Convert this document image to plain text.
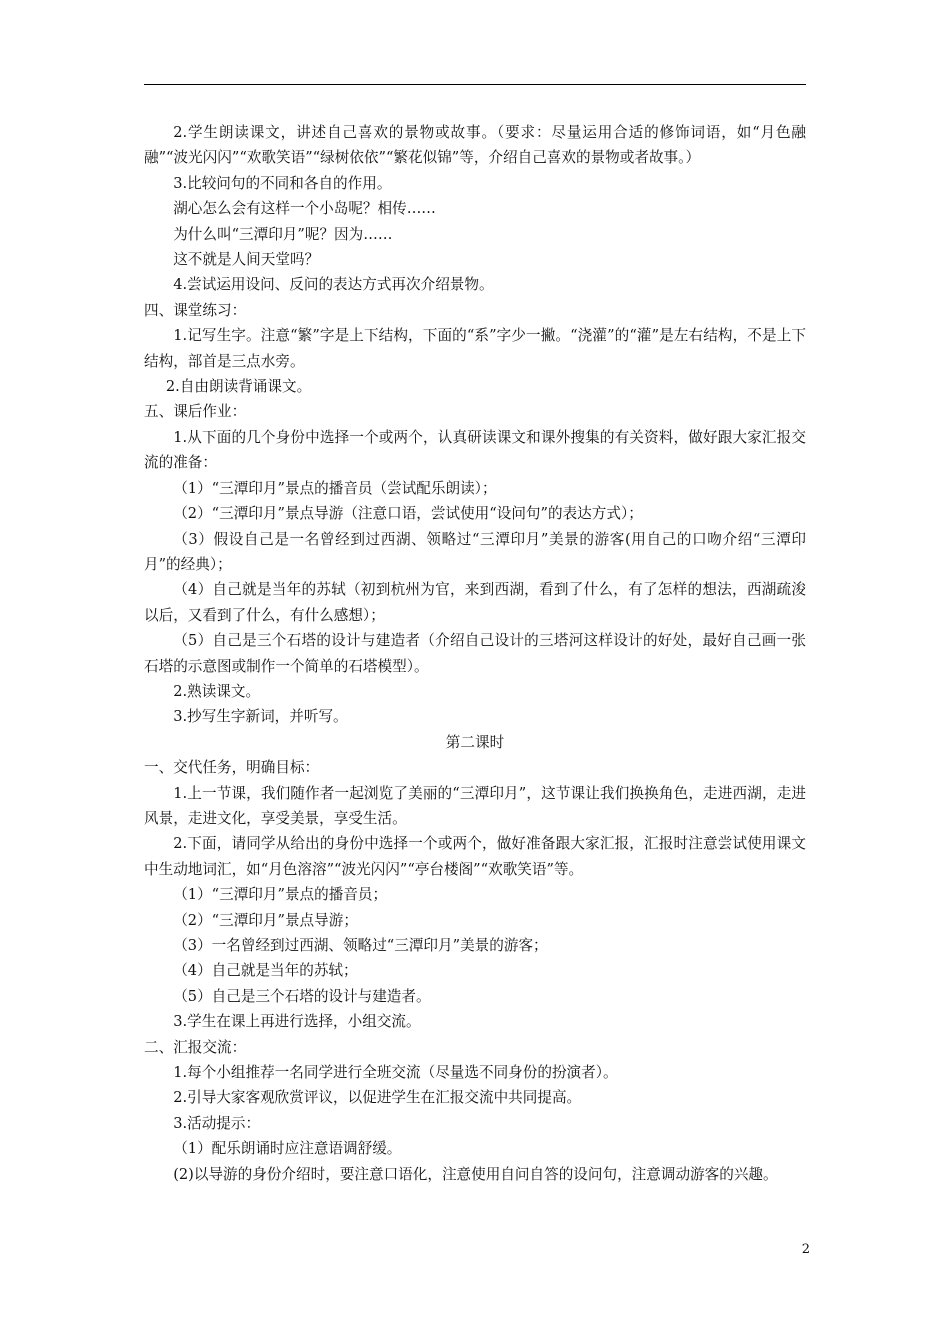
2.学生朗读课文，讲述自己喜欢的景物或故事。（要求：尽量运用合适的修饰词语，如“月色融融”“波光闪闪”“欢歌笑语”“绿树依依”“繁花似锦”等，介绍自己喜欢的景物或者故事。）

3.比较问句的不同和各自的作用。

湖心怎么会有这样一个小岛呢？相传……

为什么叫“三潭印月”呢？因为……

这不就是人间天堂吗？

4.尝试运用设问、反问的表达方式再次介绍景物。

四、课堂练习：

1.记写生字。注意“繁”字是上下结构，下面的“系”字少一撇。“浇灌”的“灌”是左右结构，不是上下结构，部首是三点水旁。

2.自由朗读背诵课文。

五、课后作业：

1.从下面的几个身份中选择一个或两个，认真研读课文和课外搜集的有关资料，做好跟大家汇报交流的准备：

（1）“三潭印月”景点的播音员（尝试配乐朗读）；

（2）“三潭印月”景点导游（注意口语，尝试使用“设问句”的表达方式）；

（3）假设自己是一名曾经到过西湖、领略过“三潭印月”美景的游客(用自己的口吻介绍“三潭印月”的经典）；

（4）自己就是当年的苏轼（初到杭州为官，来到西湖，看到了什么，有了怎样的想法，西湖疏浚以后，又看到了什么，有什么感想）；

（5）自己是三个石塔的设计与建造者（介绍自己设计的三塔河这样设计的好处，最好自己画一张石塔的示意图或制作一个简单的石塔模型）。

2.熟读课文。

3.抄写生字新词，并听写。

第二课时

一、交代任务，明确目标：

1.上一节课，我们随作者一起浏览了美丽的“三潭印月”，这节课让我们换换角色，走进西湖，走进风景，走进文化，享受美景，享受生活。

2.下面，请同学从给出的身份中选择一个或两个，做好准备跟大家汇报，汇报时注意尝试使用课文中生动地词汇，如“月色溶溶”“波光闪闪”“亭台楼阁”“欢歌笑语”等。

（1）“三潭印月”景点的播音员；

（2）“三潭印月”景点导游；

（3）一名曾经到过西湖、领略过“三潭印月”美景的游客；

（4）自己就是当年的苏轼；

（5）自己是三个石塔的设计与建造者。

3.学生在课上再进行选择，小组交流。

二、汇报交流：

1.每个小组推荐一名同学进行全班交流（尽量选不同身份的扮演者）。

2.引导大家客观欣赏评议，以促进学生在汇报交流中共同提高。

3.活动提示：

（1）配乐朗诵时应注意语调舒缓。

(2)以导游的身份介绍时，要注意口语化，注意使用自问自答的设问句，注意调动游客的兴趣。

2
